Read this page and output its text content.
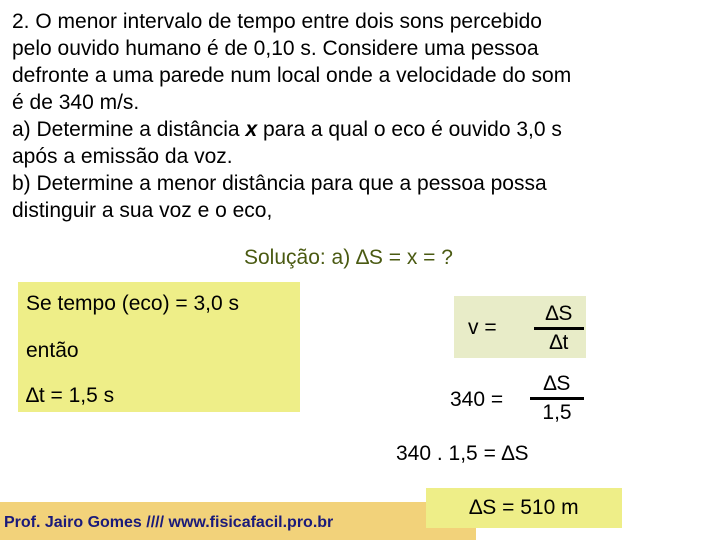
2. O menor intervalo de tempo entre dois sons percebido

pelo ouvido humano é de 0,10 s. Considere uma pessoa

defronte a uma parede num local onde a velocidade do som

é de 340 m/s.

a) Determine a distância x para a qual o eco é ouvido 3,0 s

após a emissão da voz.

b) Determine a menor distância para que a pessoa possa

distinguir a sua voz e o eco,

Solução: a) ∆S = x = ?
Se tempo (eco) = 3,0 s
então
∆t = 1,5 s
v =
∆S
∆t
340 =
∆S
1,5
340 . 1,5 = ∆S
Prof. Jairo Gomes //// www.fisicafacil.pro.br
∆S = 510 m
